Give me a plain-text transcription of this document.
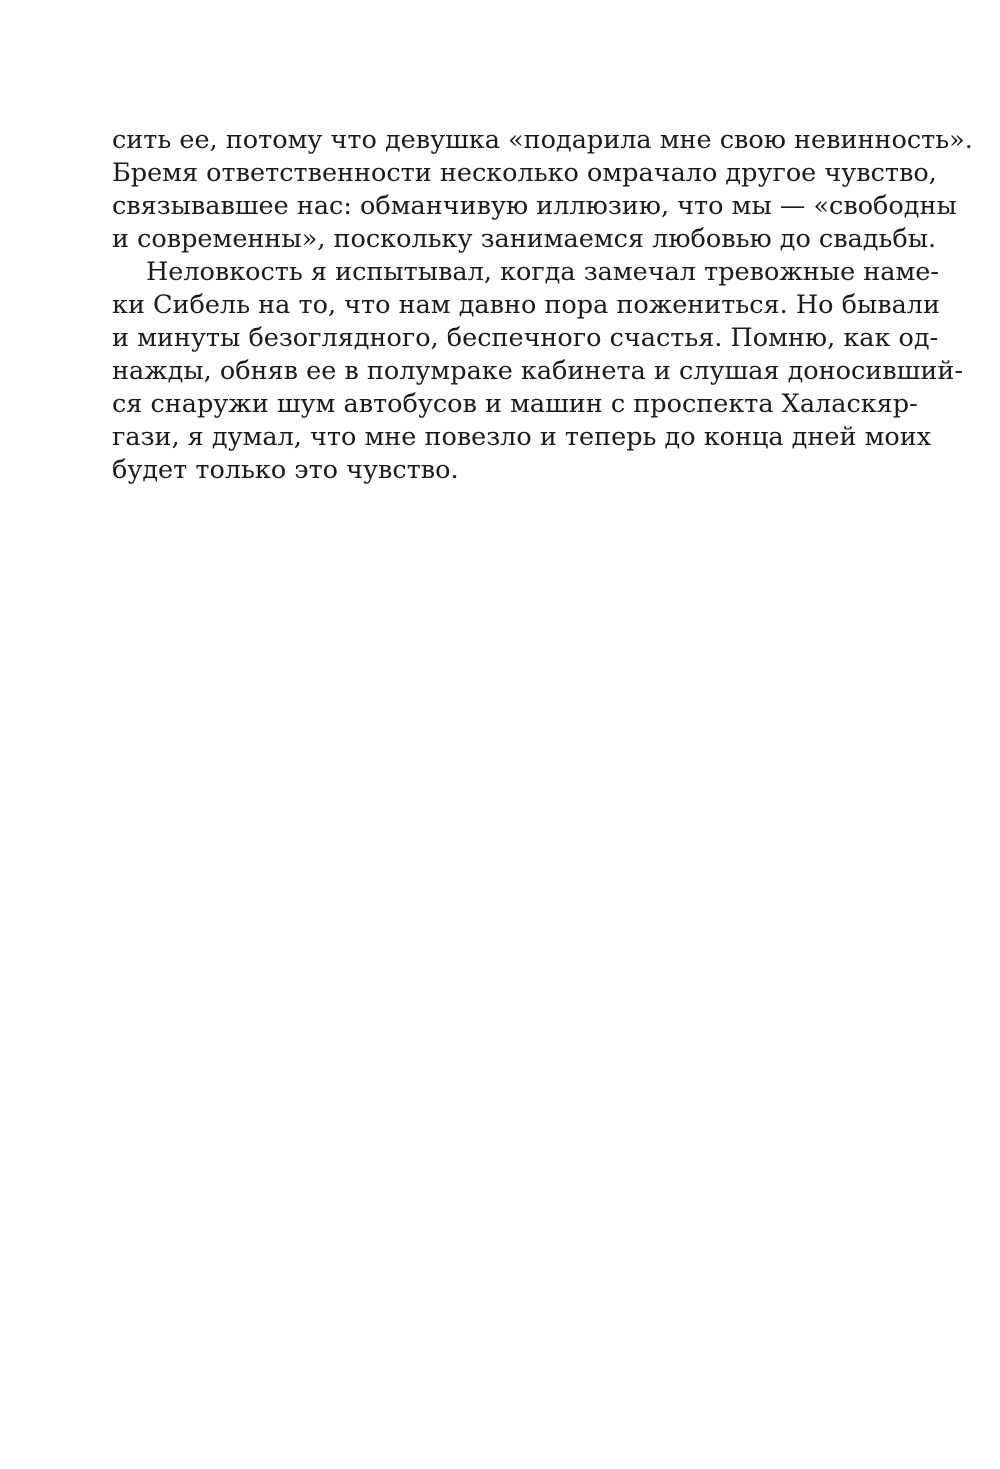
сить ее, потому что девушка «подарила мне свою невинность».
Бремя ответственности несколько омрачало другое чувство,
связывавшее нас: обманчивую иллюзию, что мы — «свободны
и современны», поскольку занимаемся любовью до свадьбы.
Неловкость я испытывал, когда замечал тревожные наме-
ки Сибель на то, что нам давно пора пожениться. Но бывали
и минуты безоглядного, беспечного счастья. Помню, как од-
нажды, обняв ее в полумраке кабинета и слушая доносивший-
ся снаружи шум автобусов и машин с проспекта Халаскяр-
гази, я думал, что мне повезло и теперь до конца дней моих
будет только это чувство.
